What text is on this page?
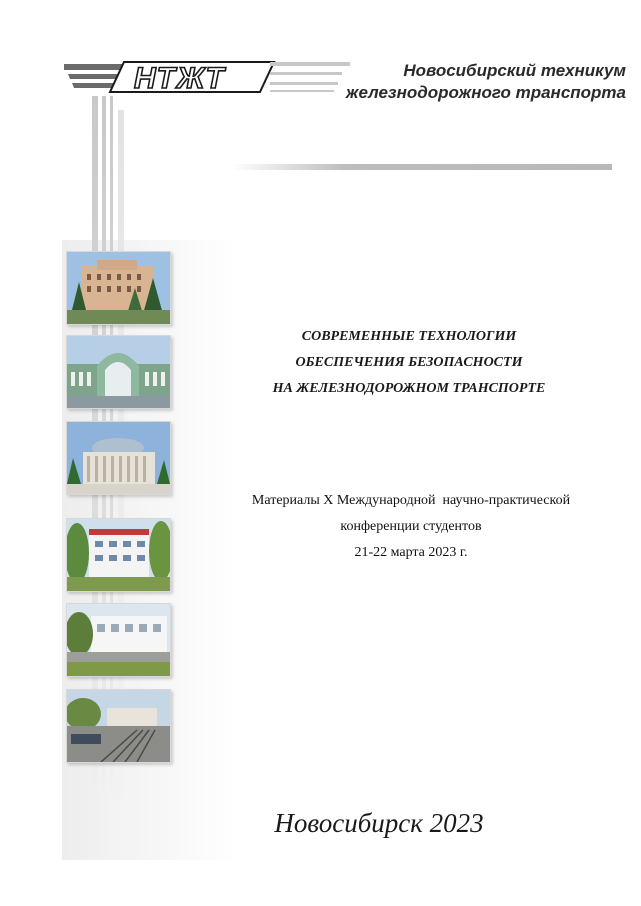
НТЖТ	Новосибирский техникум
железнодорожного транспорта
СОВРЕМЕННЫЕ ТЕХНОЛОГИИ
ОБЕСПЕЧЕНИЯ БЕЗОПАСНОСТИ
НА ЖЕЛЕЗНОДОРОЖНОМ ТРАНСПОРТЕ
Материалы X Международной  научно-практической
конференции студентов
21-22 марта 2023 г.
Новосибирск 2023
